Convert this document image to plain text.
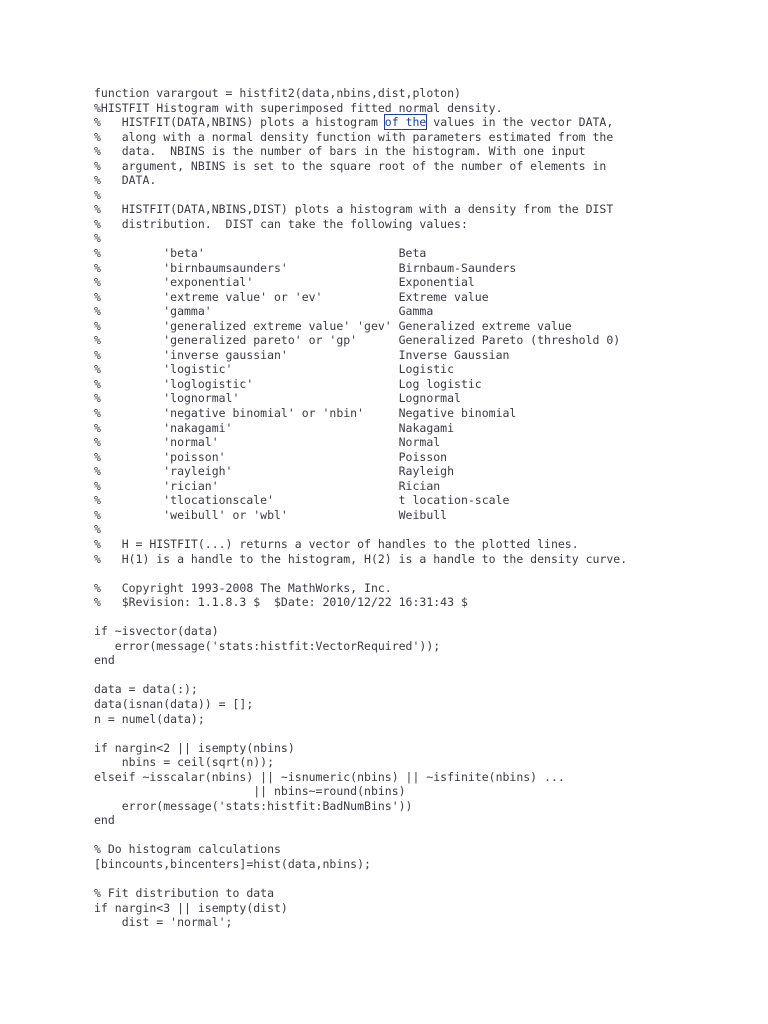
function varargout = histfit2(data,nbins,dist,ploton)
%HISTFIT Histogram with superimposed fitted normal density.
%   HISTFIT(DATA,NBINS) plots a histogram of the values in the vector DATA,
%   along with a normal density function with parameters estimated from the
%   data.  NBINS is the number of bars in the histogram. With one input
%   argument, NBINS is set to the square root of the number of elements in
%   DATA.
%
%   HISTFIT(DATA,NBINS,DIST) plots a histogram with a density from the DIST
%   distribution.  DIST can take the following values:
%
%         'beta'                            Beta
%         'birnbaumsaunders'                Birnbaum-Saunders
%         'exponential'                     Exponential
%         'extreme value' or 'ev'           Extreme value
%         'gamma'                           Gamma
%         'generalized extreme value' 'gev' Generalized extreme value
%         'generalized pareto' or 'gp'      Generalized Pareto (threshold 0)
%         'inverse gaussian'                Inverse Gaussian
%         'logistic'                        Logistic
%         'loglogistic'                     Log logistic
%         'lognormal'                       Lognormal
%         'negative binomial' or 'nbin'     Negative binomial
%         'nakagami'                        Nakagami
%         'normal'                          Normal
%         'poisson'                         Poisson
%         'rayleigh'                        Rayleigh
%         'rician'                          Rician
%         'tlocationscale'                  t location-scale
%         'weibull' or 'wbl'                Weibull
%
%   H = HISTFIT(...) returns a vector of handles to the plotted lines.
%   H(1) is a handle to the histogram, H(2) is a handle to the density curve.
%   Copyright 1993-2008 The MathWorks, Inc.
%   $Revision: 1.1.8.3 $  $Date: 2010/12/22 16:31:43 $
if ~isvector(data)
error(message('stats:histfit:VectorRequired'));
end
data = data(:);
data(isnan(data)) = [];
n = numel(data);
if nargin<2 || isempty(nbins)
nbins = ceil(sqrt(n));
elseif ~isscalar(nbins) || ~isnumeric(nbins) || ~isfinite(nbins) ...
|| nbins~=round(nbins)
error(message('stats:histfit:BadNumBins'))
end
% Do histogram calculations
[bincounts,bincenters]=hist(data,nbins);
% Fit distribution to data
if nargin<3 || isempty(dist)
dist = 'normal';
